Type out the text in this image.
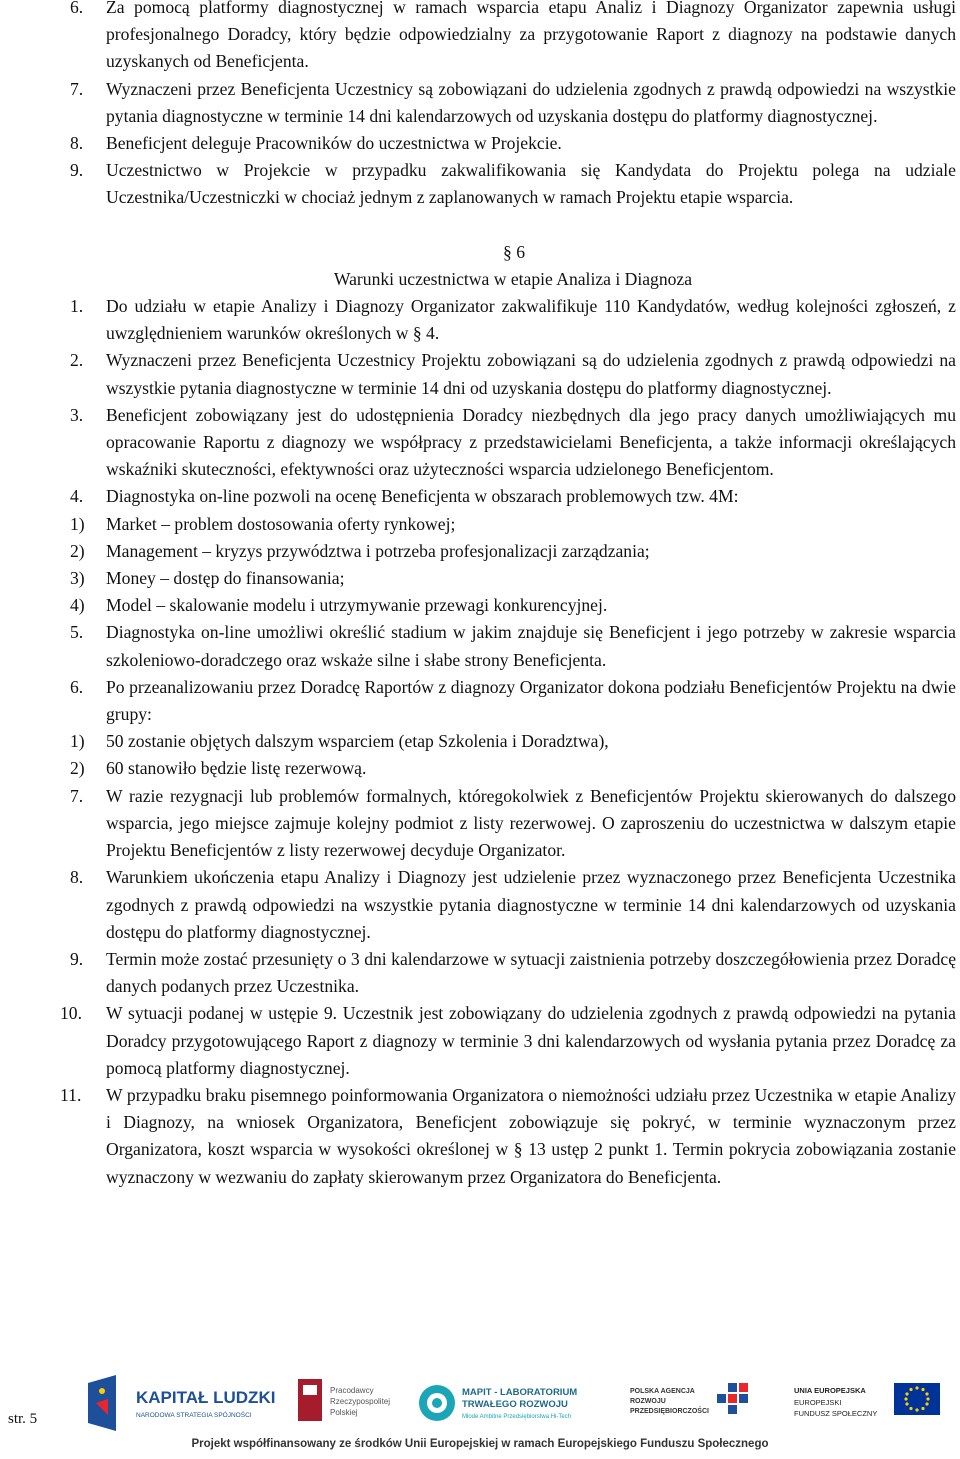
6. Za pomocą platformy diagnostycznej w ramach wsparcia etapu Analiz i Diagnozy Organizator zapewnia usługi profesjonalnego Doradcy, który będzie odpowiedzialny za przygotowanie Raport z diagnozy na podstawie danych uzyskanych od Beneficjenta.
7. Wyznaczeni przez Beneficjenta Uczestnicy są zobowiązani do udzielenia zgodnych z prawdą odpowiedzi na wszystkie pytania diagnostyczne w terminie 14 dni kalendarzowych od uzyskania dostępu do platformy diagnostycznej.
8. Beneficjent deleguje Pracowników do uczestnictwa w Projekcie.
9. Uczestnictwo w Projekcie w przypadku zakwalifikowania się Kandydata do Projektu polega na udziale Uczestnika/Uczestniczki w chociaż jednym z zaplanowanych w ramach Projektu etapie wsparcia.
§ 6
Warunki uczestnictwa w etapie Analiza i Diagnoza
1. Do udziału w etapie Analizy i Diagnozy Organizator zakwalifikuje 110 Kandydatów, według kolejności zgłoszeń, z uwzględnieniem warunków określonych w § 4.
2. Wyznaczeni przez Beneficjenta Uczestnicy Projektu zobowiązani są do udzielenia zgodnych z prawdą odpowiedzi na wszystkie pytania diagnostyczne w terminie 14 dni od uzyskania dostępu do platformy diagnostycznej.
3. Beneficjent zobowiązany jest do udostępnienia Doradcy niezbędnych dla jego pracy danych umożliwiających mu opracowanie Raportu z diagnozy we współpracy z przedstawicielami Beneficjenta, a także informacji określających wskaźniki skuteczności, efektywności oraz użyteczności wsparcia udzielonego Beneficjentom.
4. Diagnostyka on-line pozwoli na ocenę Beneficjenta w obszarach problemowych tzw. 4M:
1) Market – problem dostosowania oferty rynkowej;
2) Management – kryzys przywództwa i potrzeba profesjonalizacji zarządzania;
3) Money – dostęp do finansowania;
4) Model – skalowanie modelu i utrzymywanie przewagi konkurencyjnej.
5. Diagnostyka on-line umożliwi określić stadium w jakim znajduje się Beneficjent i jego potrzeby w zakresie wsparcia szkoleniowo-doradczego oraz wskaże silne i słabe strony Beneficjenta.
6. Po przeanalizowaniu przez Doradcę Raportów z diagnozy Organizator dokona podziału Beneficjentów Projektu na dwie grupy:
1) 50 zostanie objętych dalszym wsparciem (etap Szkolenia i Doradztwa),
2) 60 stanowiło będzie listę rezerwową.
7. W razie rezygnacji lub problemów formalnych, któregokolwiek z Beneficjentów Projektu skierowanych do dalszego wsparcia, jego miejsce zajmuje kolejny podmiot z listy rezerwowej. O zaproszeniu do uczestnictwa w dalszym etapie Projektu Beneficjentów z listy rezerwowej decyduje Organizator.
8. Warunkiem ukończenia etapu Analizy i Diagnozy jest udzielenie przez wyznaczonego przez Beneficjenta Uczestnika zgodnych z prawdą odpowiedzi na wszystkie pytania diagnostyczne w terminie 14 dni kalendarzowych od uzyskania dostępu do platformy diagnostycznej.
9. Termin może zostać przesunięty o 3 dni kalendarzowe w sytuacji zaistnienia potrzeby doszczegółowienia przez Doradcę danych podanych przez Uczestnika.
10. W sytuacji podanej w ustępie 9. Uczestnik jest zobowiązany do udzielenia zgodnych z prawdą odpowiedzi na pytania Doradcy przygotowującego Raport z diagnozy w terminie 3 dni kalendarzowych od wysłania pytania przez Doradcę za pomocą platformy diagnostycznej.
11. W przypadku braku pisemnego poinformowania Organizatora o niemożności udziału przez Uczestnika w etapie Analizy i Diagnozy, na wniosek Organizatora, Beneficjent zobowiązuje się pokryć, w terminie wyznaczonym przez Organizatora, koszt wsparcia w wysokości określonej w § 13 ustęp 2 punkt 1. Termin pokrycia zobowiązania zostanie wyznaczony w wezwaniu do zapłaty skierowanym przez Organizatora do Beneficjenta.
str. 5
KAPITAŁ LUDZKI
NARODOWA STRATEGIA SPÓJNOŚCI
Pracodawcy
Rzeczypospolitej
Polskiej
MAPIT - LABORATORIUM
TRWAŁEGO ROZWOJU
Młode Ambitne Przedsiębiorstwa Hi-Tech
POLSKA AGENCJA
ROZWOJU
PRZEDSIĘBIORCZOŚCI
UNIA EUROPEJSKA
EUROPEJSKI
FUNDUSZ SPOŁECZNY
Projekt współfinansowany ze środków Unii Europejskiej w ramach Europejskiego Funduszu Społecznego
